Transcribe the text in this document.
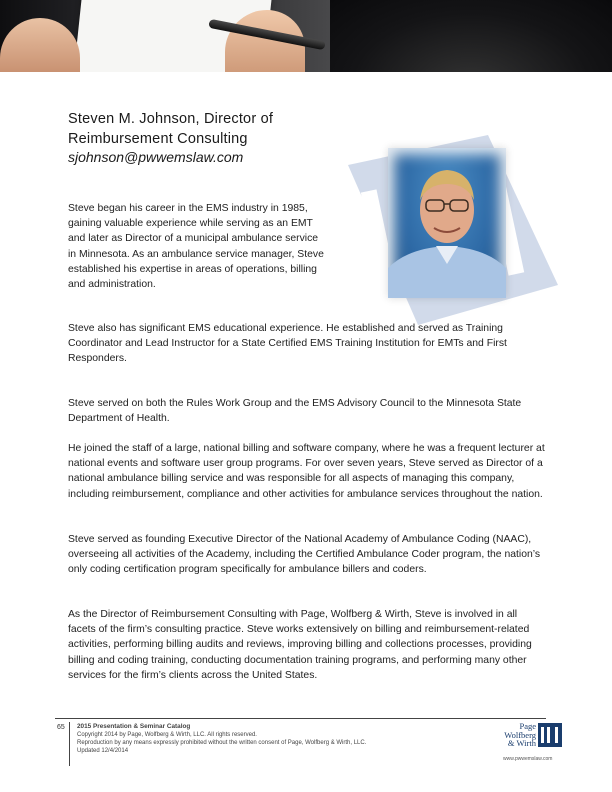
Steven M. Johnson, Director of
Reimbursement Consulting
sjohnson@pwwemslaw.com

Steve began his career in the EMS industry in 1985, gaining valuable experience while serving as an EMT and later as Director of a municipal ambulance service in Minnesota. As an ambulance service manager, Steve established his expertise in areas of operations, billing and administration.

Steve also has significant EMS educational experience. He established and served as Training Coordinator and Lead Instructor for a State Certified EMS Training Institution for EMTs and First Responders.

Steve served on both the Rules Work Group and the EMS Advisory Council to the Minnesota State Department of Health.

He joined the staff of a large, national billing and software company, where he was a frequent lecturer at national events and software user group programs. For over seven years, Steve served as Director of a national ambulance billing service and was responsible for all aspects of managing this company, including reimbursement, compliance and other activities for ambulance services throughout the nation.

Steve served as founding Executive Director of the National Academy of Ambulance Coding (NAAC), overseeing all activities of the Academy, including the Certified Ambulance Coder program, the nation’s only coding certification program specifically for ambulance billers and coders.

As the Director of Reimbursement Consulting with Page, Wolfberg & Wirth, Steve is involved in all facets of the firm’s consulting practice. Steve works extensively on billing and reimbursement-related activities, performing billing audits and reviews, improving billing and collections processes, providing billing and coding training, conducting documentation training programs, and performing many other services for the firm’s clients across the United States.

65 2015 Presentation & Seminar Catalog
Copyright 2014 by Page, Wolfberg & Wirth, LLC. All rights reserved.
Reproduction by any means expressly prohibited without the written consent of Page, Wolfberg & Wirth, LLC.
Updated 12/4/2014
Page
Wolfberg
& Wirth
www.pwwemslaw.com
